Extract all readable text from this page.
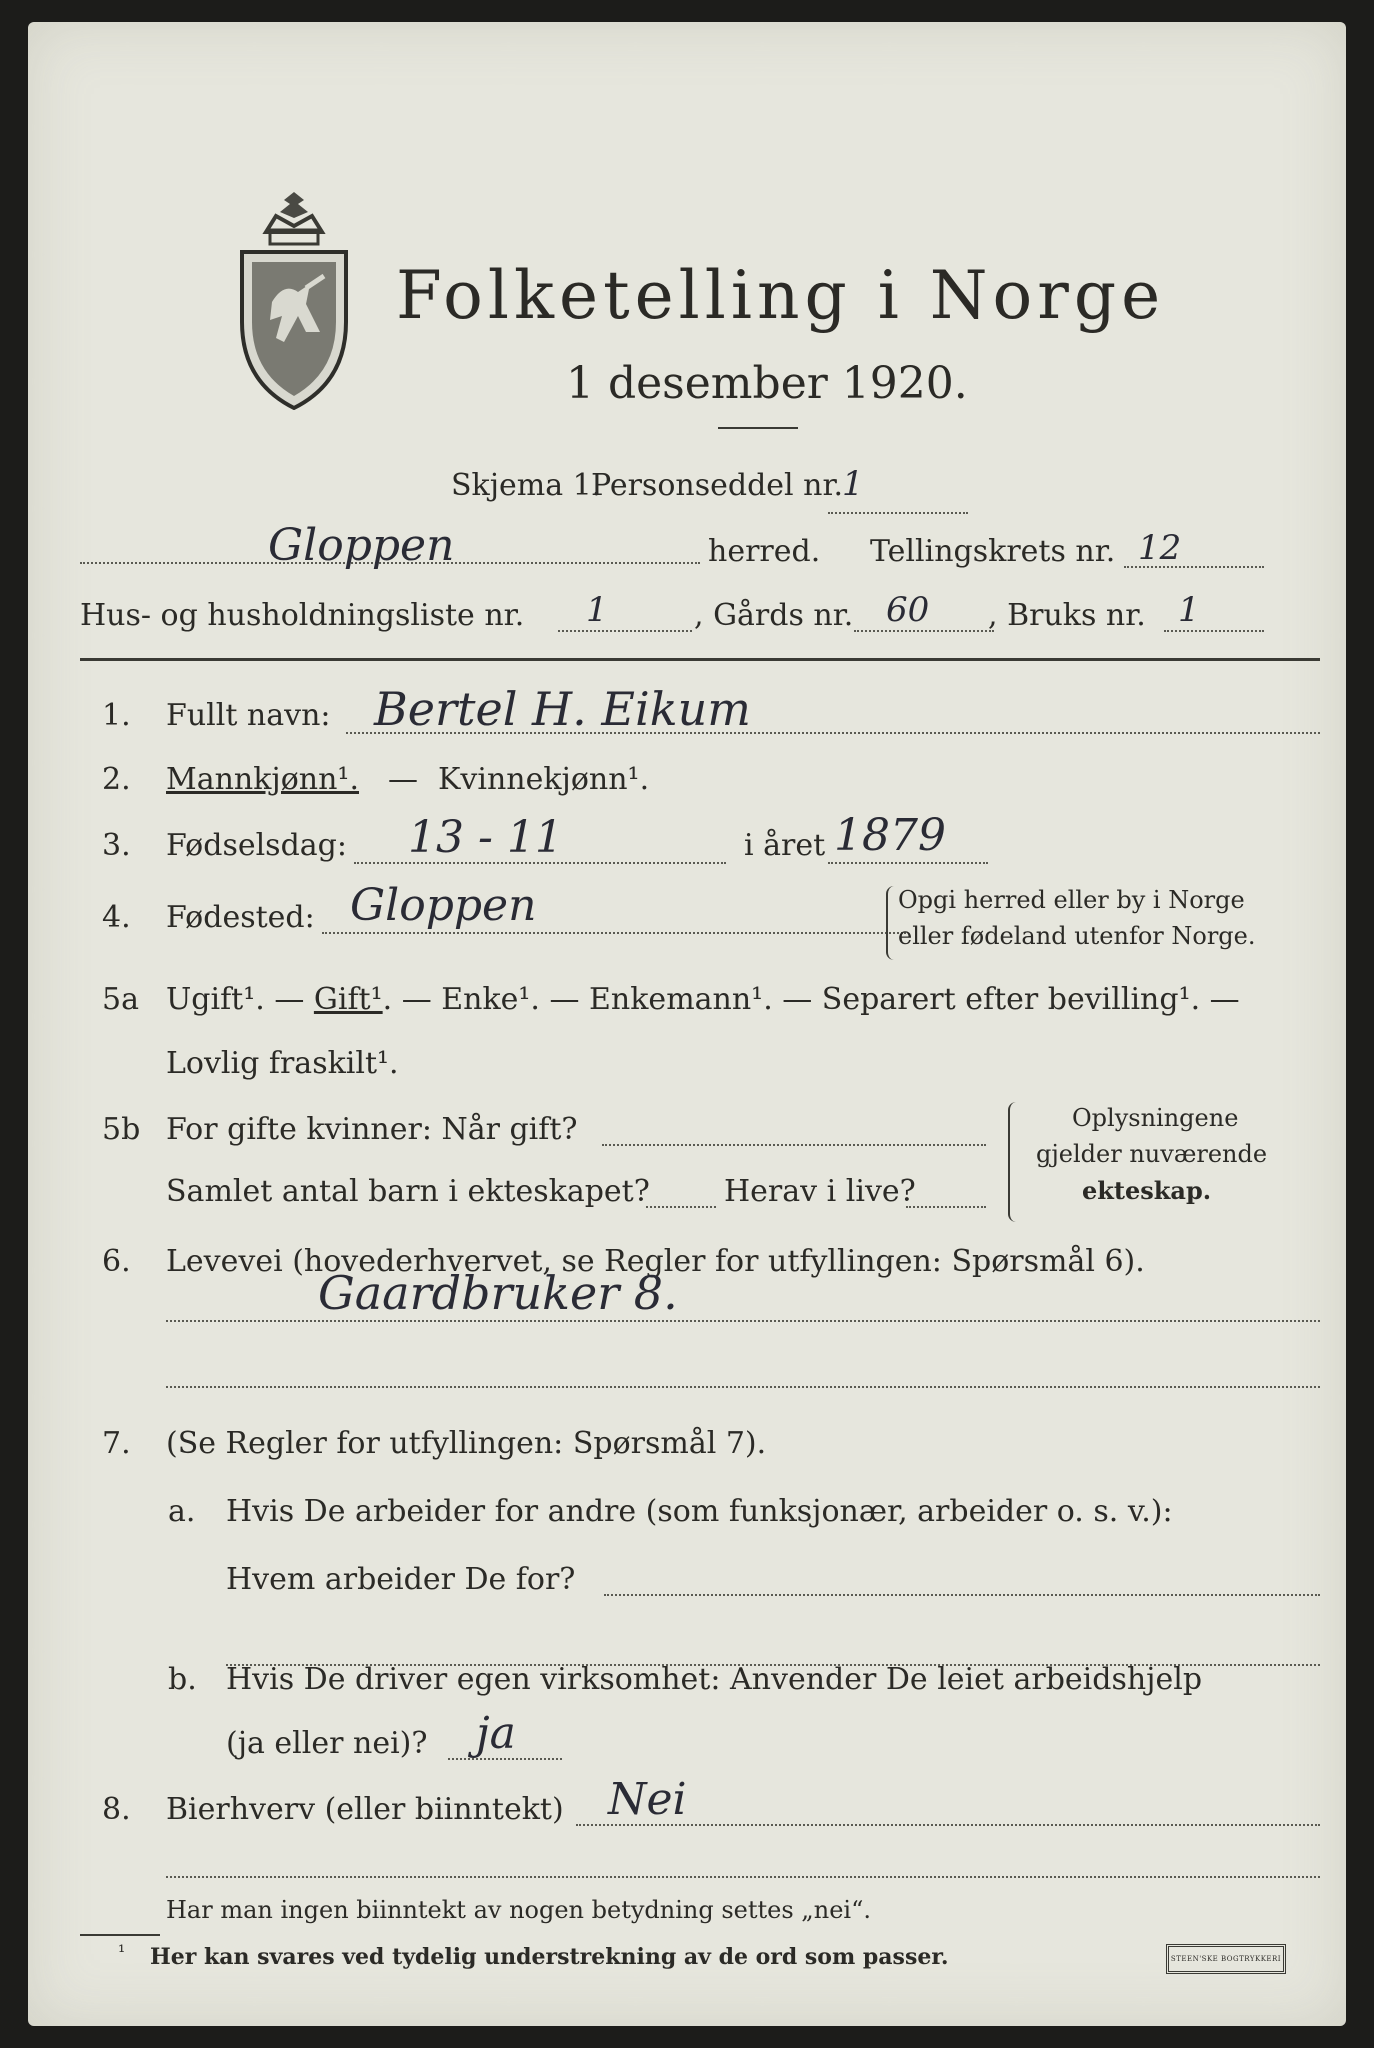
Folketelling i Norge
1 desember 1920.
Skjema 1.
Personseddel nr.
1
Gloppen	herred. Tellingskrets nr. 12
Hus- og husholdningsliste nr. 1	, Gårds nr. 60 , Bruks nr. 1
1. Fullt navn: Bertel H. Eikum
2. Mannkjønn¹. — Kvinnekjønn¹.
3. Fødselsdag: 13 - 11	i året 1879
4. Fødested: Gloppen	Opgi herred eller by i Norge
eller fødeland utenfor Norge.
5a Ugift¹. — Gift¹. — Enke¹. — Enkemann¹. — Separert efter bevilling¹. —
Lovlig fraskilt¹.
5b For gifte kvinner: Når gift?
Samlet antal barn i ekteskapet? Herav i live?
Oplysningene
gjelder nuværende
ekteskap.
6. Levevei (hovederhvervet, se Regler for utfyllingen: Spørsmål 6).
Gaardbruker 8.
7. (Se Regler for utfyllingen: Spørsmål 7).
a. Hvis De arbeider for andre (som funksjonær, arbeider o. s. v.):
Hvem arbeider De for?
b. Hvis De driver egen virksomhet: Anvender De leiet arbeidshjelp
(ja eller nei)? ja
8. Bierhverv (eller biinntekt) Nei
Har man ingen biinntekt av nogen betydning settes „nei“.
¹ Her kan svares ved tydelig understrekning av de ord som passer.	STEEN'SKE BOGTRYKKERI
